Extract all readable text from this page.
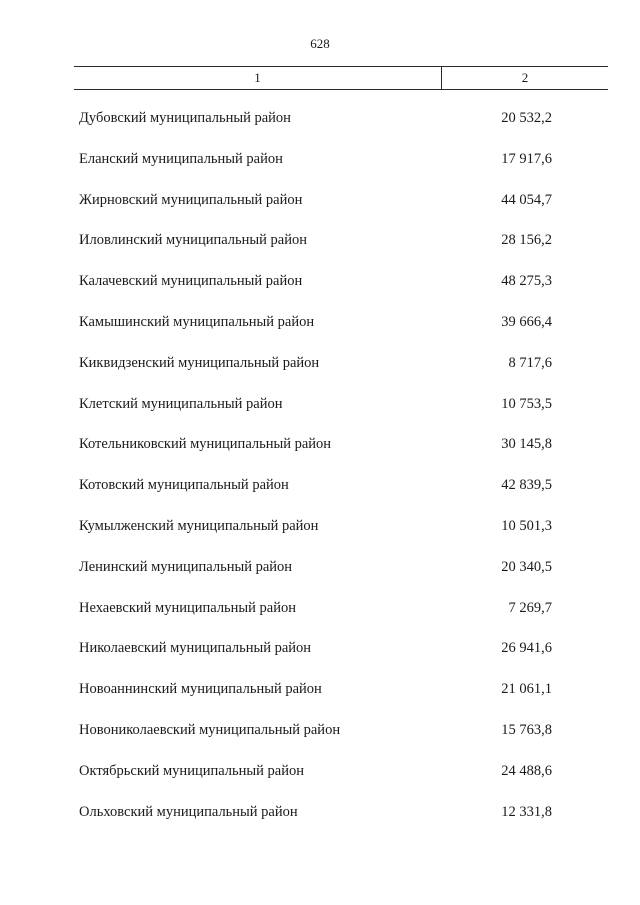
628
1	2
Дубовский муниципальный район	20 532,2
Еланский муниципальный район	17 917,6
Жирновский муниципальный район	44 054,7
Иловлинский муниципальный район	28 156,2
Калачевский муниципальный район	48 275,3
Камышинский муниципальный район	39 666,4
Киквидзенский муниципальный район	8 717,6
Клетский муниципальный район	10 753,5
Котельниковский муниципальный район	30 145,8
Котовский муниципальный район	42 839,5
Кумылженский муниципальный район	10 501,3
Ленинский муниципальный район	20 340,5
Нехаевский муниципальный район	7 269,7
Николаевский муниципальный район	26 941,6
Новоаннинский муниципальный район	21 061,1
Новониколаевский муниципальный район	15 763,8
Октябрьский муниципальный район	24 488,6
Ольховский муниципальный район	12 331,8
